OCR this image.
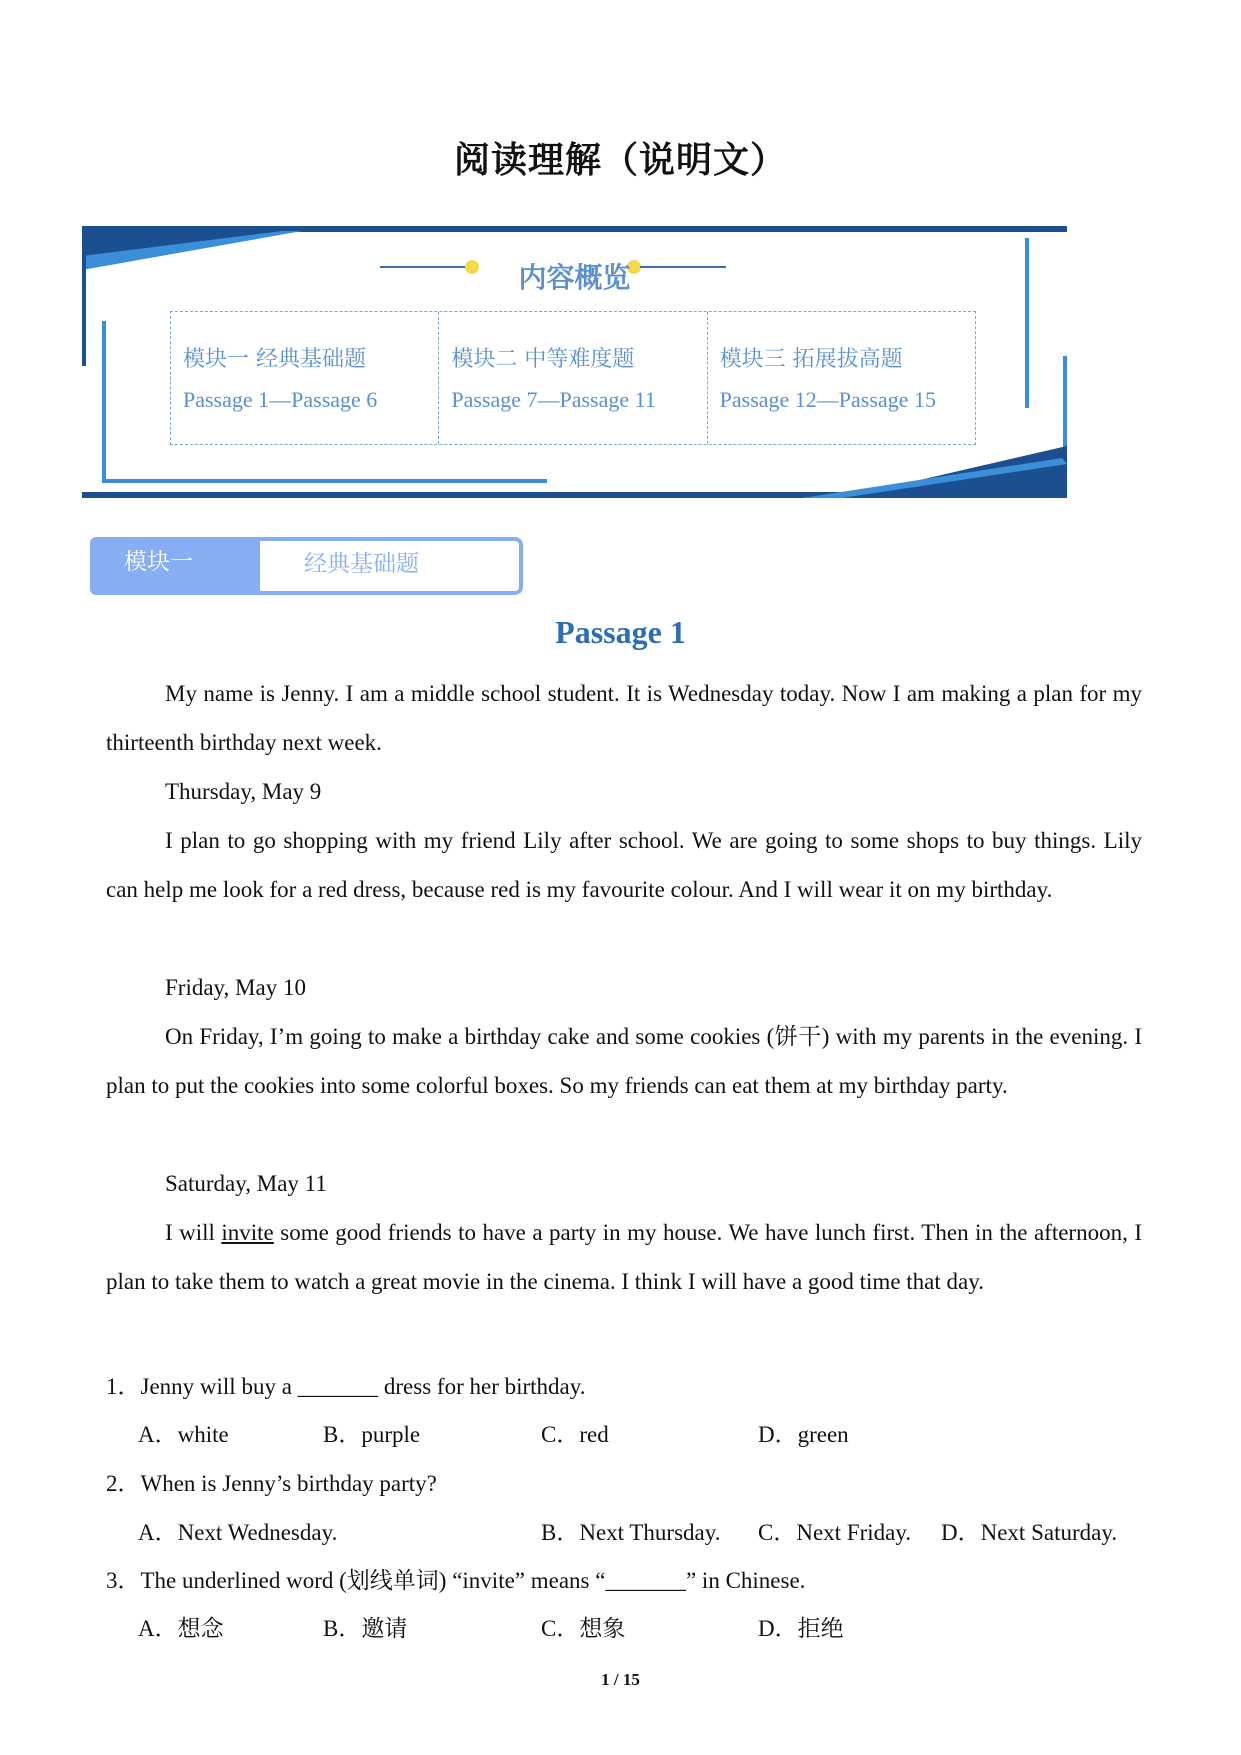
阅读理解（说明文）
内容概览
模块一 经典基础题
Passage 1—Passage 6
模块二 中等难度题
Passage 7—Passage 11
模块三 拓展拔高题
Passage 12—Passage 15
模块一	经典基础题
Passage 1
My name is Jenny. I am a middle school student. It is Wednesday today. Now I am making a plan for my thirteenth birthday next week.
Thursday, May 9
I plan to go shopping with my friend Lily after school. We are going to some shops to buy things. Lily can help me look for a red dress, because red is my favourite colour. And I will wear it on my birthday.
Friday, May 10
On Friday, I’m going to make a birthday cake and some cookies (饼干) with my parents in the evening. I plan to put the cookies into some colorful boxes. So my friends can eat them at my birthday party.
Saturday, May 11
I will invite some good friends to have a party in my house. We have lunch first. Then in the afternoon, I plan to take them to watch a great movie in the cinema. I think I will have a good time that day.
1．Jenny will buy a _______ dress for her birthday.
A．white	B．purple	C．red	D．green
2．When is Jenny’s birthday party?
A．Next Wednesday.	B．Next Thursday. C．Next Friday. D．Next Saturday.
3．The underlined word (划线单词) “invite” means “_______” in Chinese.
A．想念	B．邀请	C．想象	D．拒绝
1 / 15
